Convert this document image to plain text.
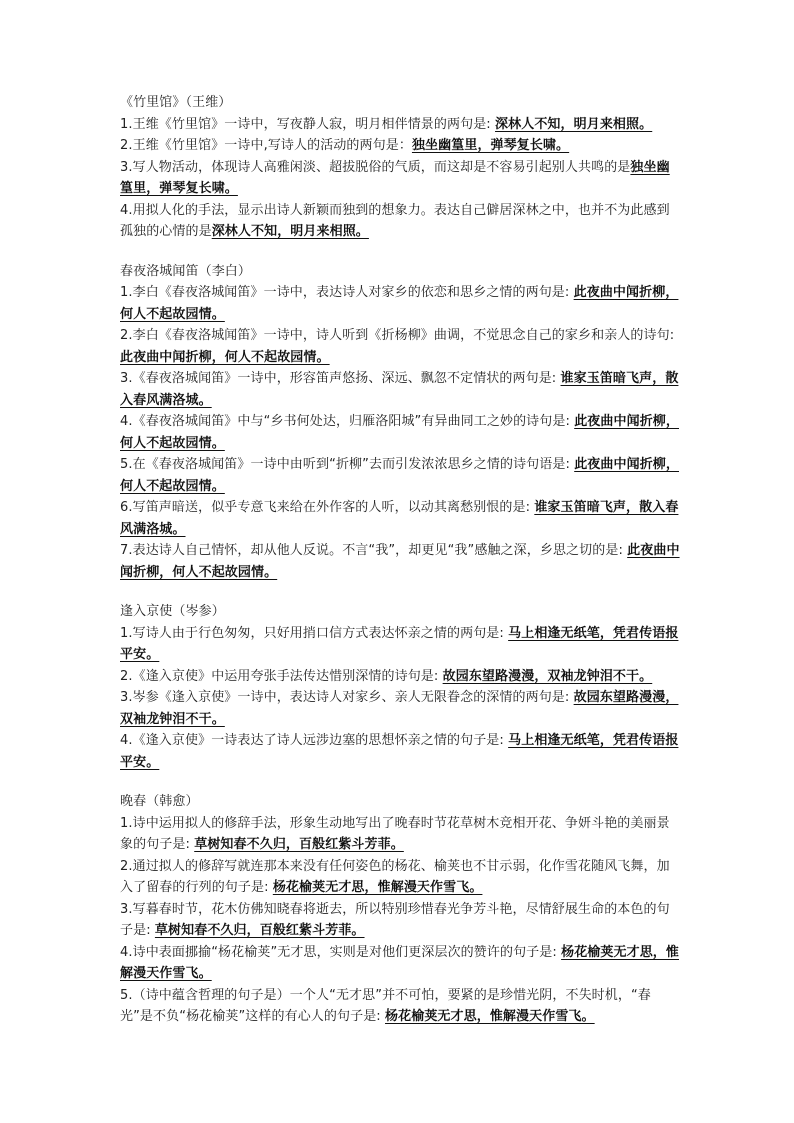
《竹里馆》（王维）

1.王维《竹里馆》一诗中，写夜静人寂，明月相伴情景的两句是: 深林人不知，明月来相照。

2.王维《竹里馆》一诗中,写诗人的活动的两句是：独坐幽篁里，弹琴复长啸。

3.写人物活动，体现诗人高雅闲淡、超拔脱俗的气质，而这却是不容易引起别人共鸣的是独坐幽篁里，弹琴复长啸。

4.用拟人化的手法，显示出诗人新颖而独到的想象力。表达自己僻居深林之中，也并不为此感到孤独的心情的是深林人不知，明月来相照。

春夜洛城闻笛（李白）

1.李白《春夜洛城闻笛》一诗中，表达诗人对家乡的依恋和思乡之情的两句是: 此夜曲中闻折柳，何人不起故园情。

2.李白《春夜洛城闻笛》一诗中，诗人听到《折杨柳》曲调，不觉思念自己的家乡和亲人的诗句: 此夜曲中闻折柳，何人不起故园情。

3.《春夜洛城闻笛》一诗中，形容笛声悠扬、深远、飘忽不定情状的两句是: 谁家玉笛暗飞声，散入春风满洛城。

4.《春夜洛城闻笛》中与“乡书何处达，归雁洛阳城”有异曲同工之妙的诗句是: 此夜曲中闻折柳，何人不起故园情。

5.在《春夜洛城闻笛》一诗中由听到“折柳”去而引发浓浓思乡之情的诗句语是: 此夜曲中闻折柳，何人不起故园情。

6.写笛声暗送，似乎专意飞来给在外作客的人听，以动其离愁别恨的是: 谁家玉笛暗飞声，散入春风满洛城。

7.表达诗人自己情怀，却从他人反说。不言“我”，却更见“我”感触之深，乡思之切的是: 此夜曲中闻折柳，何人不起故园情。

逢入京使（岑参）

1.写诗人由于行色匆匆，只好用捎口信方式表达怀亲之情的两句是: 马上相逢无纸笔，凭君传语报平安。

2.《逢入京使》中运用夸张手法传达惜别深情的诗句是: 故园东望路漫漫，双袖龙钟泪不干。

3.岑参《逢入京使》一诗中，表达诗人对家乡、亲人无限眷念的深情的两句是: 故园东望路漫漫，双袖龙钟泪不干。

4.《逢入京使》一诗表达了诗人远涉边塞的思想怀亲之情的句子是: 马上相逢无纸笔，凭君传语报平安。

晚春（韩愈）

1.诗中运用拟人的修辞手法，形象生动地写出了晚春时节花草树木竞相开花、争妍斗艳的美丽景象的句子是: 草树知春不久归，百般红紫斗芳菲。

2.通过拟人的修辞写就连那本来没有任何姿色的杨花、榆荚也不甘示弱，化作雪花随风飞舞，加入了留春的行列的句子是: 杨花榆荚无才思，惟解漫天作雪飞。

3.写暮春时节，花木仿佛知晓春将逝去，所以特别珍惜春光争芳斗艳，尽情舒展生命的本色的句子是: 草树知春不久归，百般红紫斗芳菲。

4.诗中表面挪揄“杨花榆荚”无才思，实则是对他们更深层次的赞许的句子是: 杨花榆荚无才思，惟解漫天作雪飞。

5.（诗中蕴含哲理的句子是）一个人“无才思”并不可怕，要紧的是珍惜光阴，不失时机，“春光”是不负“杨花榆荚”这样的有心人的句子是: 杨花榆荚无才思，惟解漫天作雪飞。
